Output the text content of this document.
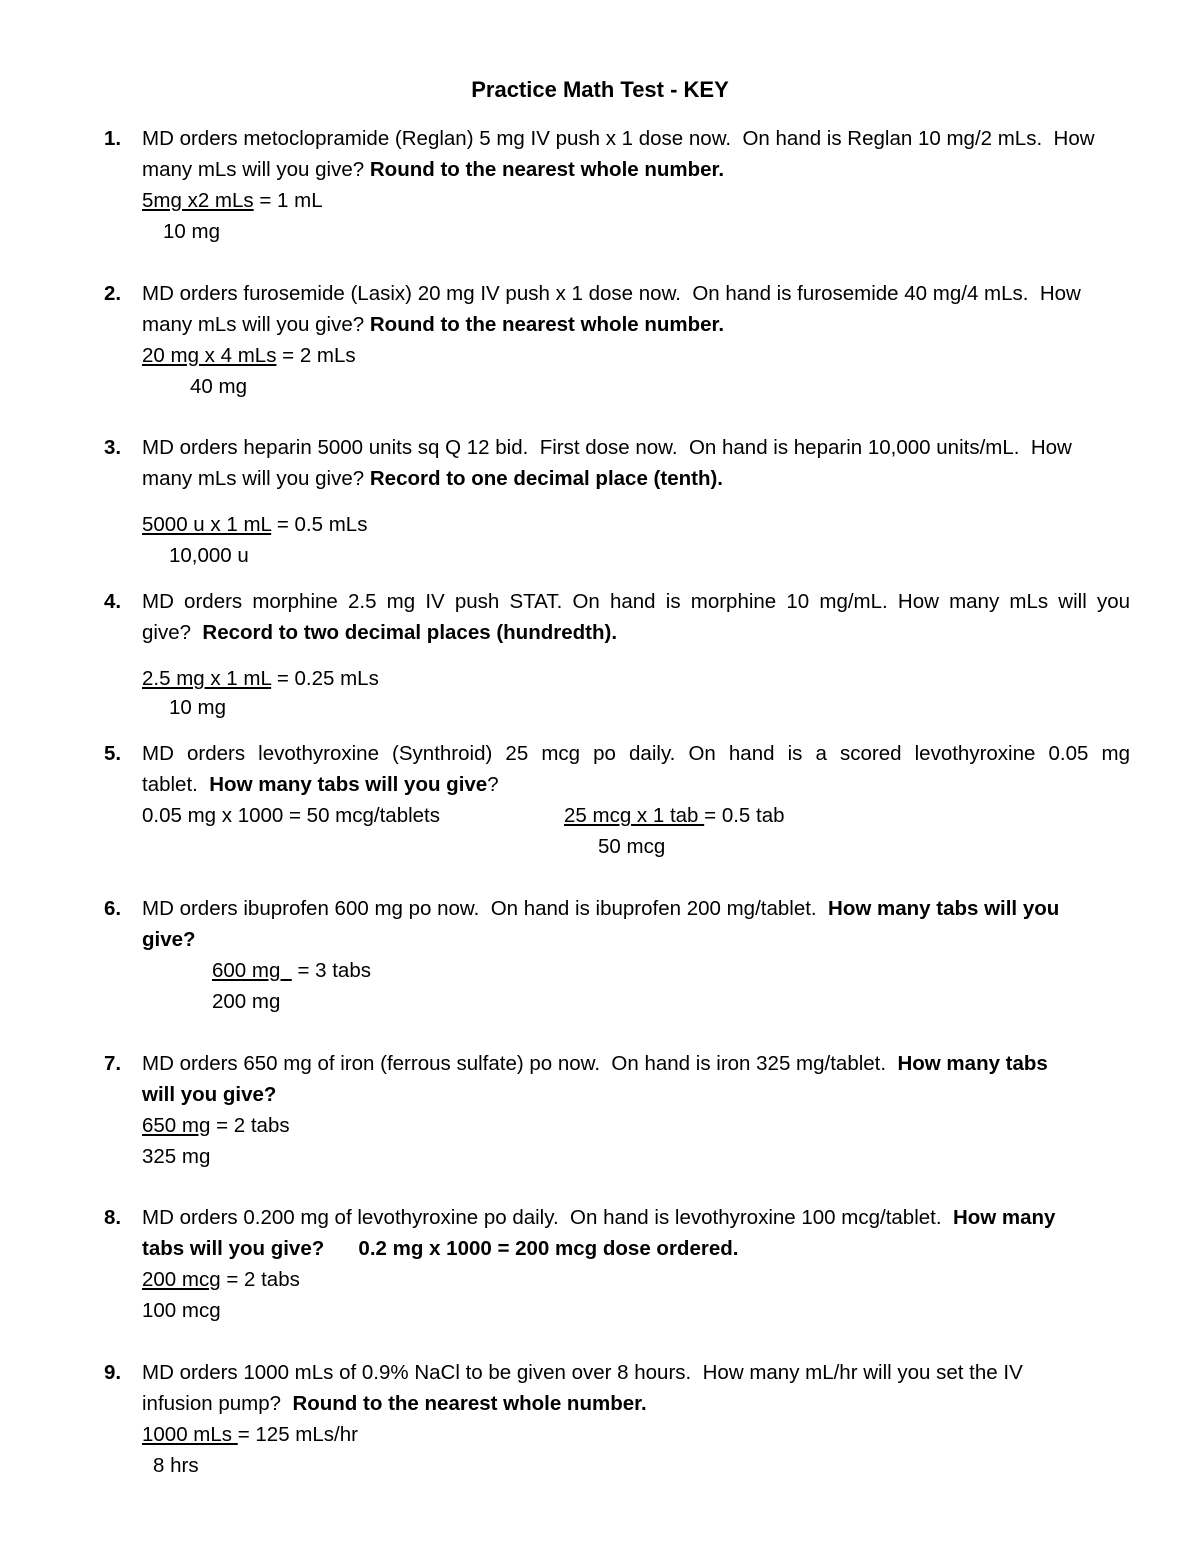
Practice Math Test - KEY
1. MD orders metoclopramide (Reglan) 5 mg IV push x 1 dose now.  On hand is Reglan 10 mg/2 mLs.  How
many mLs will you give? Round to the nearest whole number.
5mg x2 mLs = 1 mL
10 mg
2. MD orders furosemide (Lasix) 20 mg IV push x 1 dose now.  On hand is furosemide 40 mg/4 mLs.  How
many mLs will you give? Round to the nearest whole number.
20 mg x 4 mLs = 2 mLs
40 mg
3. MD orders heparin 5000 units sq Q 12 bid.  First dose now.  On hand is heparin 10,000 units/mL.  How
many mLs will you give? Record to one decimal place (tenth).
5000 u x 1 mL = 0.5 mLs
10,000 u
4. MD orders morphine 2.5 mg IV push STAT. On hand is morphine 10 mg/mL. How many mLs will you
give?  Record to two decimal places (hundredth).
2.5 mg x 1 mL = 0.25 mLs
10 mg
5. MD orders levothyroxine (Synthroid) 25 mcg po daily. On hand is a scored levothyroxine 0.05 mg
tablet.  How many tabs will you give?
0.05 mg x 1000 = 50 mcg/tablets	25 mcg x 1 tab = 0.5 tab
50 mcg
6. MD orders ibuprofen 600 mg po now.  On hand is ibuprofen 200 mg/tablet.  How many tabs will you
give?
600 mg   = 3 tabs
200 mg
7. MD orders 650 mg of iron (ferrous sulfate) po now.  On hand is iron 325 mg/tablet.  How many tabs
will you give?
650 mg = 2 tabs
325 mg
8. MD orders 0.200 mg of levothyroxine po daily.  On hand is levothyroxine 100 mcg/tablet.  How many
tabs will you give?      0.2 mg x 1000 = 200 mcg dose ordered.
200 mcg = 2 tabs
100 mcg
9. MD orders 1000 mLs of 0.9% NaCl to be given over 8 hours.  How many mL/hr will you set the IV
infusion pump?  Round to the nearest whole number.
1000 mLs = 125 mLs/hr
8 hrs
